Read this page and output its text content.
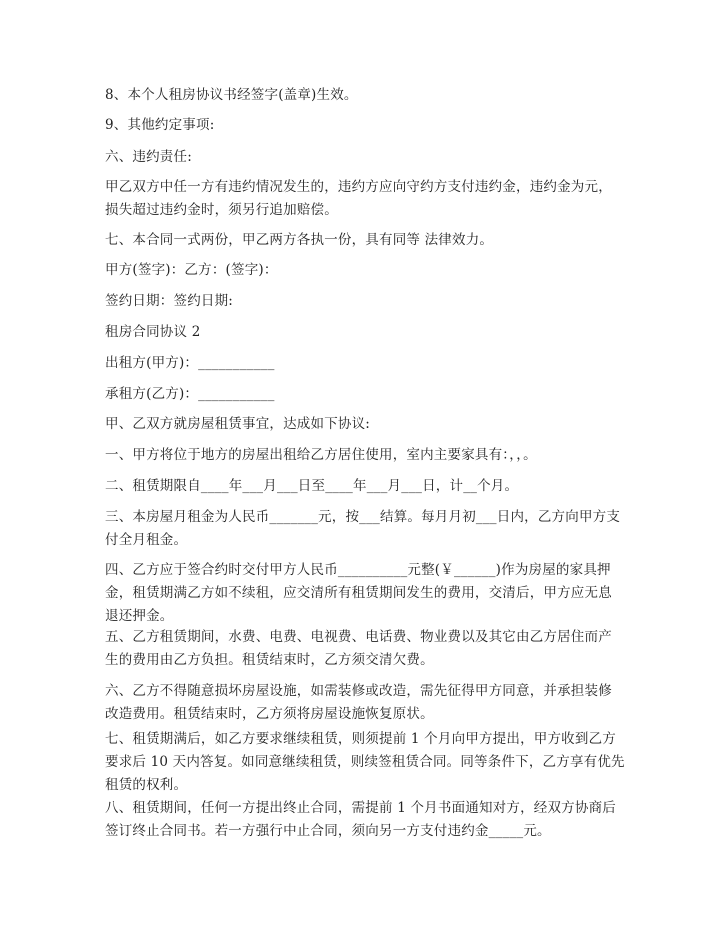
8、本个人租房协议书经签字(盖章)生效。
9、其他约定事项:
六、违约责任:
甲乙双方中任一方有违约情况发生的，违约方应向守约方支付违约金，违约金为元，损失超过违约金时，须另行追加赔偿。
七、本合同一式两份，甲乙两方各执一份，具有同等 法律效力。
甲方(签字)：乙方：(签字)：
签约日期：签约日期:
租房合同协议 2
出租方(甲方)：___________
承租方(乙方)：___________
甲、乙双方就房屋租赁事宜，达成如下协议:
一、甲方将位于地方的房屋出租给乙方居住使用，室内主要家具有：，，。
二、租赁期限自____年___月___日至____年___月___日，计__个月。
三、本房屋月租金为人民币_______元，按___结算。每月月初___日内，乙方向甲方支付全月租金。
四、乙方应于签合约时交付甲方人民币__________元整(￥______)作为房屋的家具押金，租赁期满乙方如不续租，应交清所有租赁期间发生的费用，交清后，甲方应无息退还押金。
五、乙方租赁期间，水费、电费、电视费、电话费、物业费以及其它由乙方居住而产生的费用由乙方负担。租赁结束时，乙方须交清欠费。
六、乙方不得随意损坏房屋设施，如需装修或改造，需先征得甲方同意，并承担装修改造费用。租赁结束时，乙方须将房屋设施恢复原状。
七、租赁期满后，如乙方要求继续租赁，则须提前 1 个月向甲方提出，甲方收到乙方要求后 10 天内答复。如同意继续租赁，则续签租赁合同。同等条件下，乙方享有优先租赁的权利。
八、租赁期间，任何一方提出终止合同，需提前 1 个月书面通知对方，经双方协商后签订终止合同书。若一方强行中止合同，须向另一方支付违约金_____元。
